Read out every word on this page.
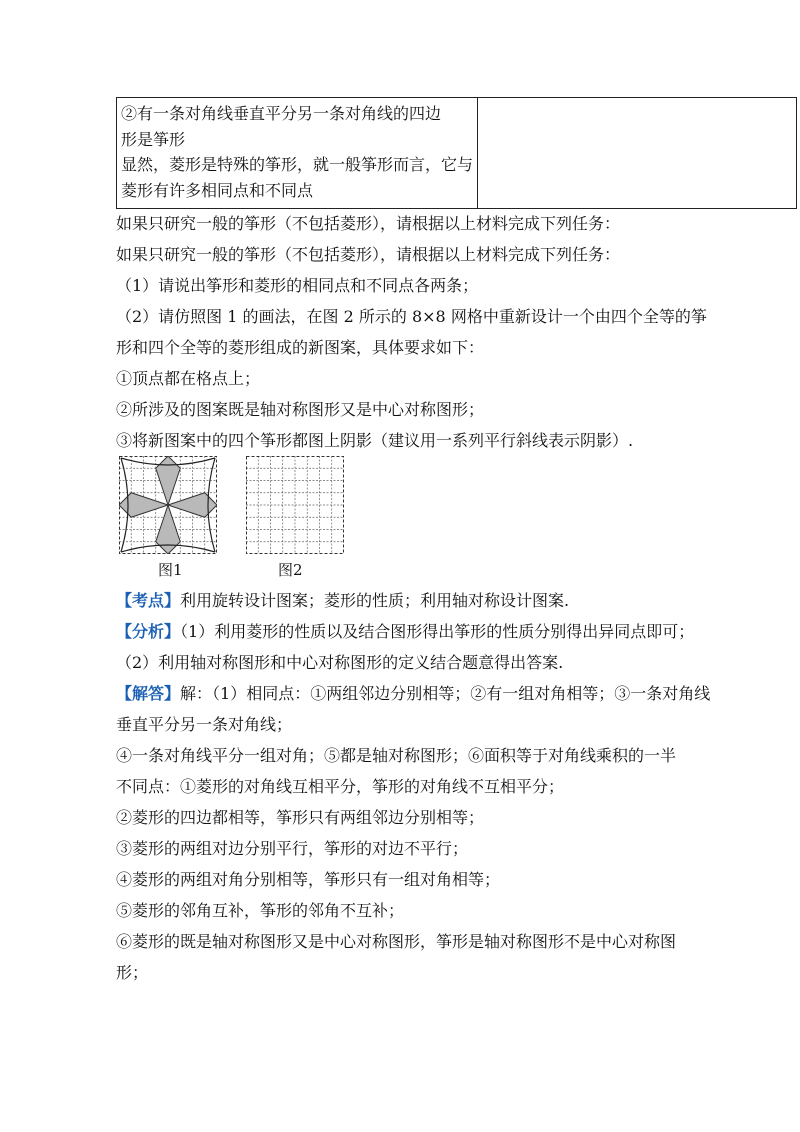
②有一条对角线垂直平分另一条对角线的四边
形是筝形
显然，菱形是特殊的筝形，就一般筝形而言，它与
菱形有许多相同点和不同点

如果只研究一般的筝形（不包括菱形），请根据以上材料完成下列任务：
如果只研究一般的筝形（不包括菱形），请根据以上材料完成下列任务：
（1）请说出筝形和菱形的相同点和不同点各两条；
（2）请仿照图 1 的画法，在图 2 所示的 8×8 网格中重新设计一个由四个全等的筝
形和四个全等的菱形组成的新图案，具体要求如下：
①顶点都在格点上；
②所涉及的图案既是轴对称图形又是中心对称图形；
③将新图案中的四个筝形都图上阴影（建议用一系列平行斜线表示阴影）.
图1	图2
【考点】利用旋转设计图案；菱形的性质；利用轴对称设计图案.
【分析】（1）利用菱形的性质以及结合图形得出筝形的性质分别得出异同点即可；
（2）利用轴对称图形和中心对称图形的定义结合题意得出答案.
【解答】解：（1）相同点：①两组邻边分别相等；②有一组对角相等；③一条对角线
垂直平分另一条对角线；
④一条对角线平分一组对角；⑤都是轴对称图形；⑥面积等于对角线乘积的一半
不同点：①菱形的对角线互相平分，筝形的对角线不互相平分；
②菱形的四边都相等，筝形只有两组邻边分别相等；
③菱形的两组对边分别平行，筝形的对边不平行；
④菱形的两组对角分别相等，筝形只有一组对角相等；
⑤菱形的邻角互补，筝形的邻角不互补；
⑥菱形的既是轴对称图形又是中心对称图形，筝形是轴对称图形不是中心对称图
形；
